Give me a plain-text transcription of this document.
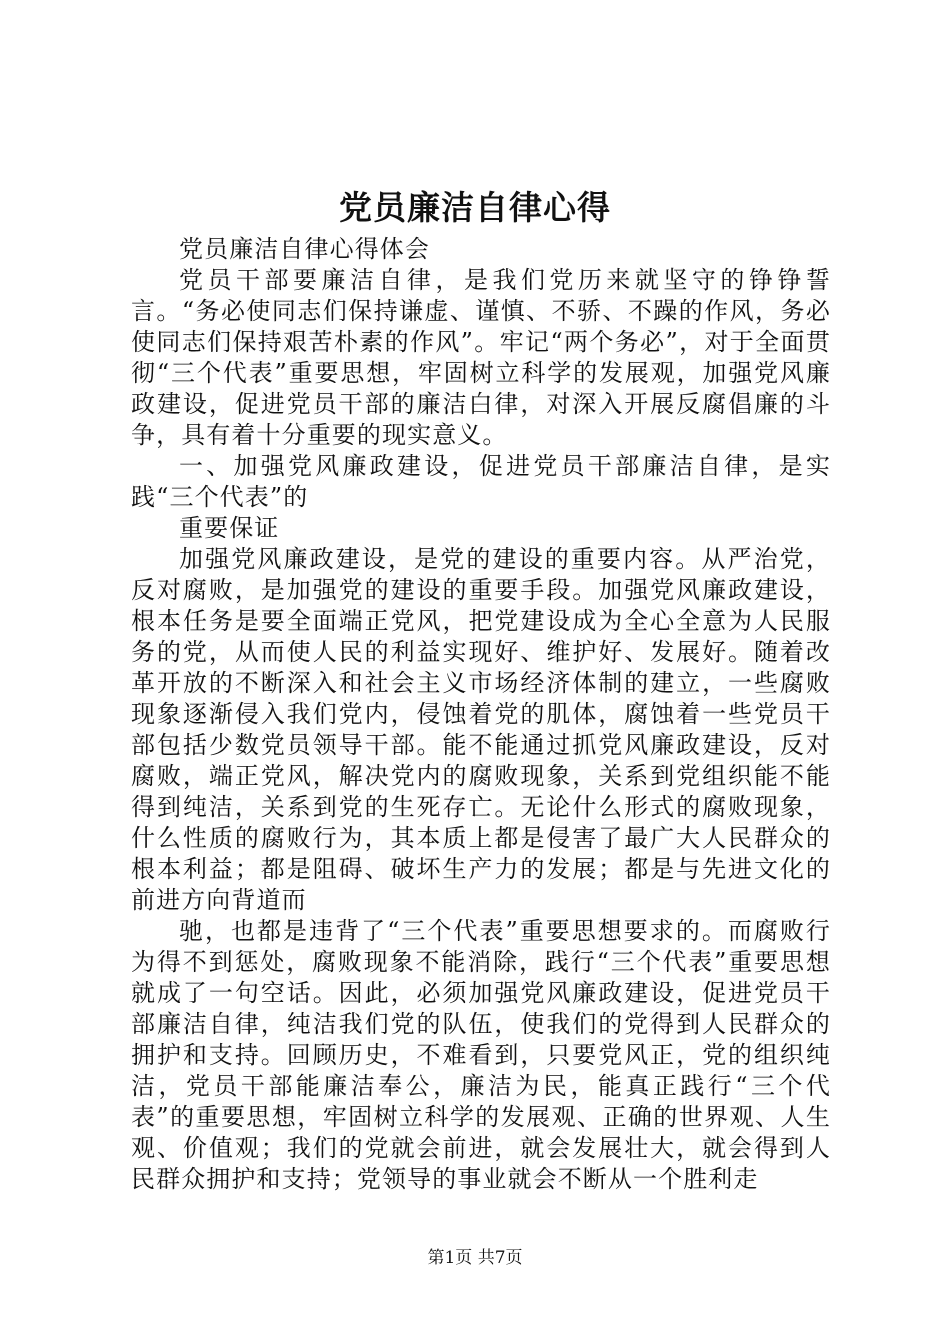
党员廉洁自律心得

党员廉洁自律心得体会

党员干部要廉洁自律，是我们党历来就坚守的铮铮誓言。“务必使同志们保持谦虚、谨慎、不骄、不躁的作风，务必使同志们保持艰苦朴素的作风”。牢记“两个务必”，对于全面贯彻“三个代表”重要思想，牢固树立科学的发展观，加强党风廉政建设，促进党员干部的廉洁白律，对深入开展反腐倡廉的斗争，具有着十分重要的现实意义。

一、加强党风廉政建设，促进党员干部廉洁自律，是实践“三个代表”的

重要保证

加强党风廉政建设，是党的建设的重要内容。从严治党，反对腐败，是加强党的建设的重要手段。加强党风廉政建设，根本任务是要全面端正党风，把党建设成为全心全意为人民服务的党，从而使人民的利益实现好、维护好、发展好。随着改革开放的不断深入和社会主义市场经济体制的建立，一些腐败现象逐渐侵入我们党内，侵蚀着党的肌体，腐蚀着一些党员干部包括少数党员领导干部。能不能通过抓党风廉政建设，反对腐败，端正党风，解决党内的腐败现象，关系到党组织能不能得到纯洁，关系到党的生死存亡。无论什么形式的腐败现象，什么性质的腐败行为，其本质上都是侵害了最广大人民群众的根本利益；都是阻碍、破坏生产力的发展；都是与先进文化的前进方向背道而

驰，也都是违背了“三个代表”重要思想要求的。而腐败行为得不到惩处，腐败现象不能消除，践行“三个代表”重要思想就成了一句空话。因此，必须加强党风廉政建设，促进党员干部廉洁自律，纯洁我们党的队伍，使我们的党得到人民群众的拥护和支持。回顾历史，不难看到，只要党风正，党的组织纯洁，党员干部能廉洁奉公，廉洁为民，能真正践行“三个代表”的重要思想，牢固树立科学的发展观、正确的世界观、人生观、价值观；我们的党就会前进，就会发展壮大，就会得到人民群众拥护和支持；党领导的事业就会不断从一个胜利走

第1页 共7页
